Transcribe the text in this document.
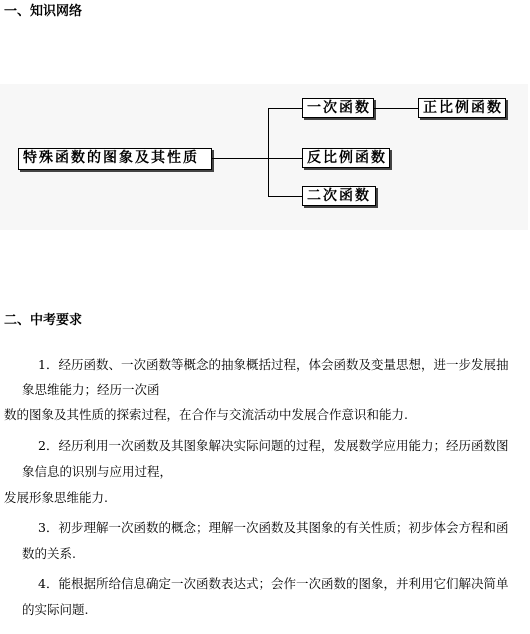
一、知识网络
特殊函数的图象及其性质
一次函数	正比例函数
反比例函数
二次函数
二、中考要求
1．经历函数、一次函数等概念的抽象概括过程，体会函数及变量思想，进一步发展抽
象思维能力；经历一次函
数的图象及其性质的探索过程，在合作与交流活动中发展合作意识和能力.
2．经历利用一次函数及其图象解决实际问题的过程，发展数学应用能力；经历函数图
象信息的识别与应用过程，
发展形象思维能力.
3．初步理解一次函数的概念；理解一次函数及其图象的有关性质；初步体会方程和函
数的关系.
4．能根据所给信息确定一次函数表达式；会作一次函数的图象，并利用它们解决简单
的实际问题.
